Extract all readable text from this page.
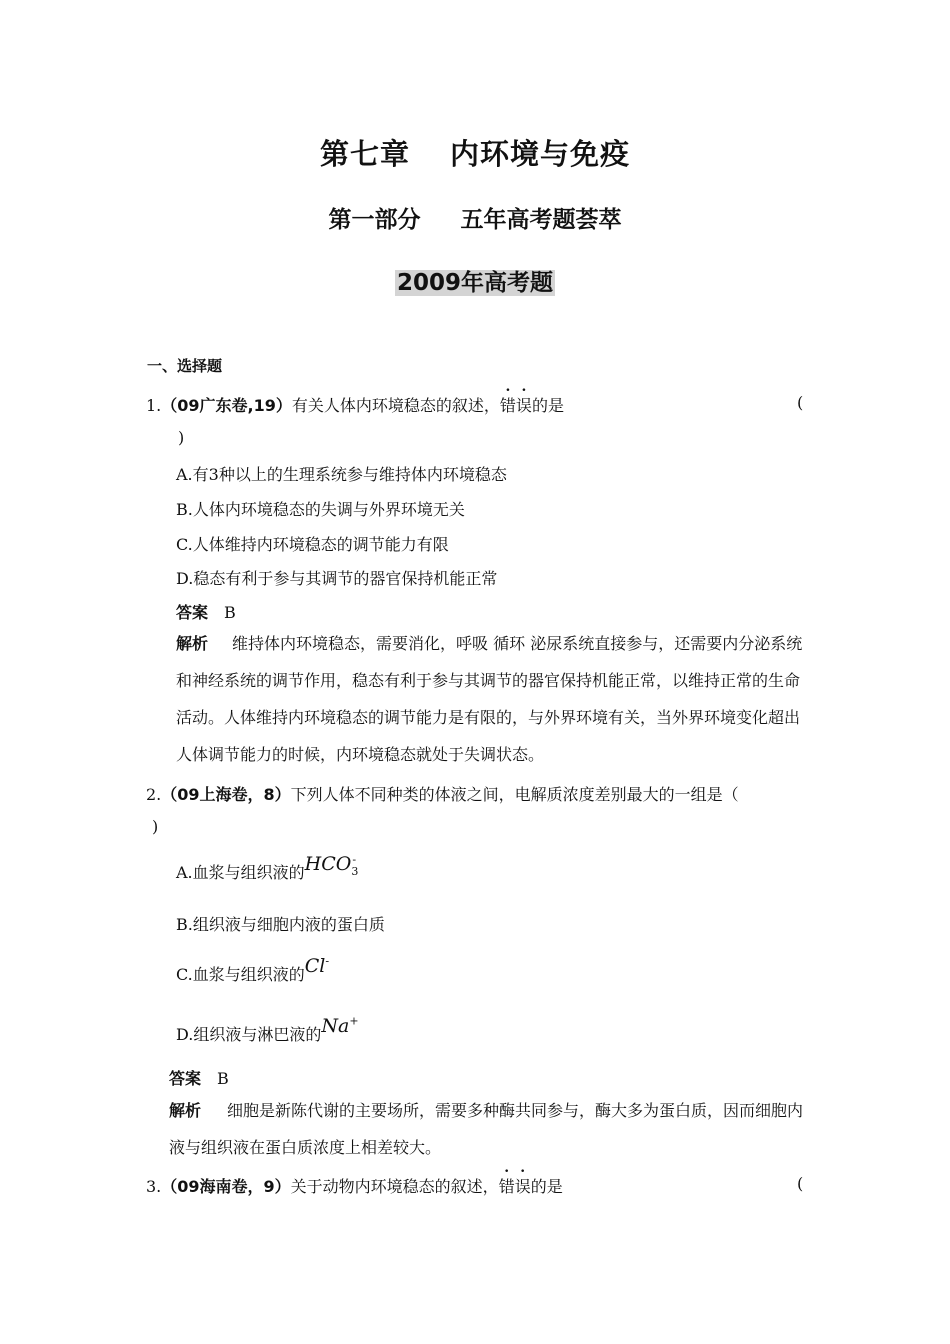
第七章 内环境与免疫
第一部分 五年高考题荟萃
2009年高考题
一、选择题
1.（09广东卷,19）有关人体内环境稳态的叙述，错误的是	(
)
A.有3种以上的生理系统参与维持体内环境稳态
B.人体内环境稳态的失调与外界环境无关
C.人体维持内环境稳态的调节能力有限
D.稳态有利于参与其调节的器官保持机能正常
答案 B
解析 维持体内环境稳态，需要消化，呼吸 循环 泌尿系统直接参与，还需要内分泌系统和神经系统的调节作用，稳态有利于参与其调节的器官保持机能正常，以维持正常的生命活动。人体维持内环境稳态的调节能力是有限的，与外界环境有关，当外界环境变化超出人体调节能力的时候，内环境稳态就处于失调状态。
2.（09上海卷，8）下列人体不同种类的体液之间，电解质浓度差别最大的一组是（
)
A.血浆与组织液的$HCO_3^-$
B.组织液与细胞内液的蛋白质
C.血浆与组织液的Cl-
D.组织液与淋巴液的Na+
答案 B
解析 细胞是新陈代谢的主要场所，需要多种酶共同参与，酶大多为蛋白质，因而细胞内液与组织液在蛋白质浓度上相差较大。
3.（09海南卷，9）关于动物内环境稳态的叙述，错误的是	(
